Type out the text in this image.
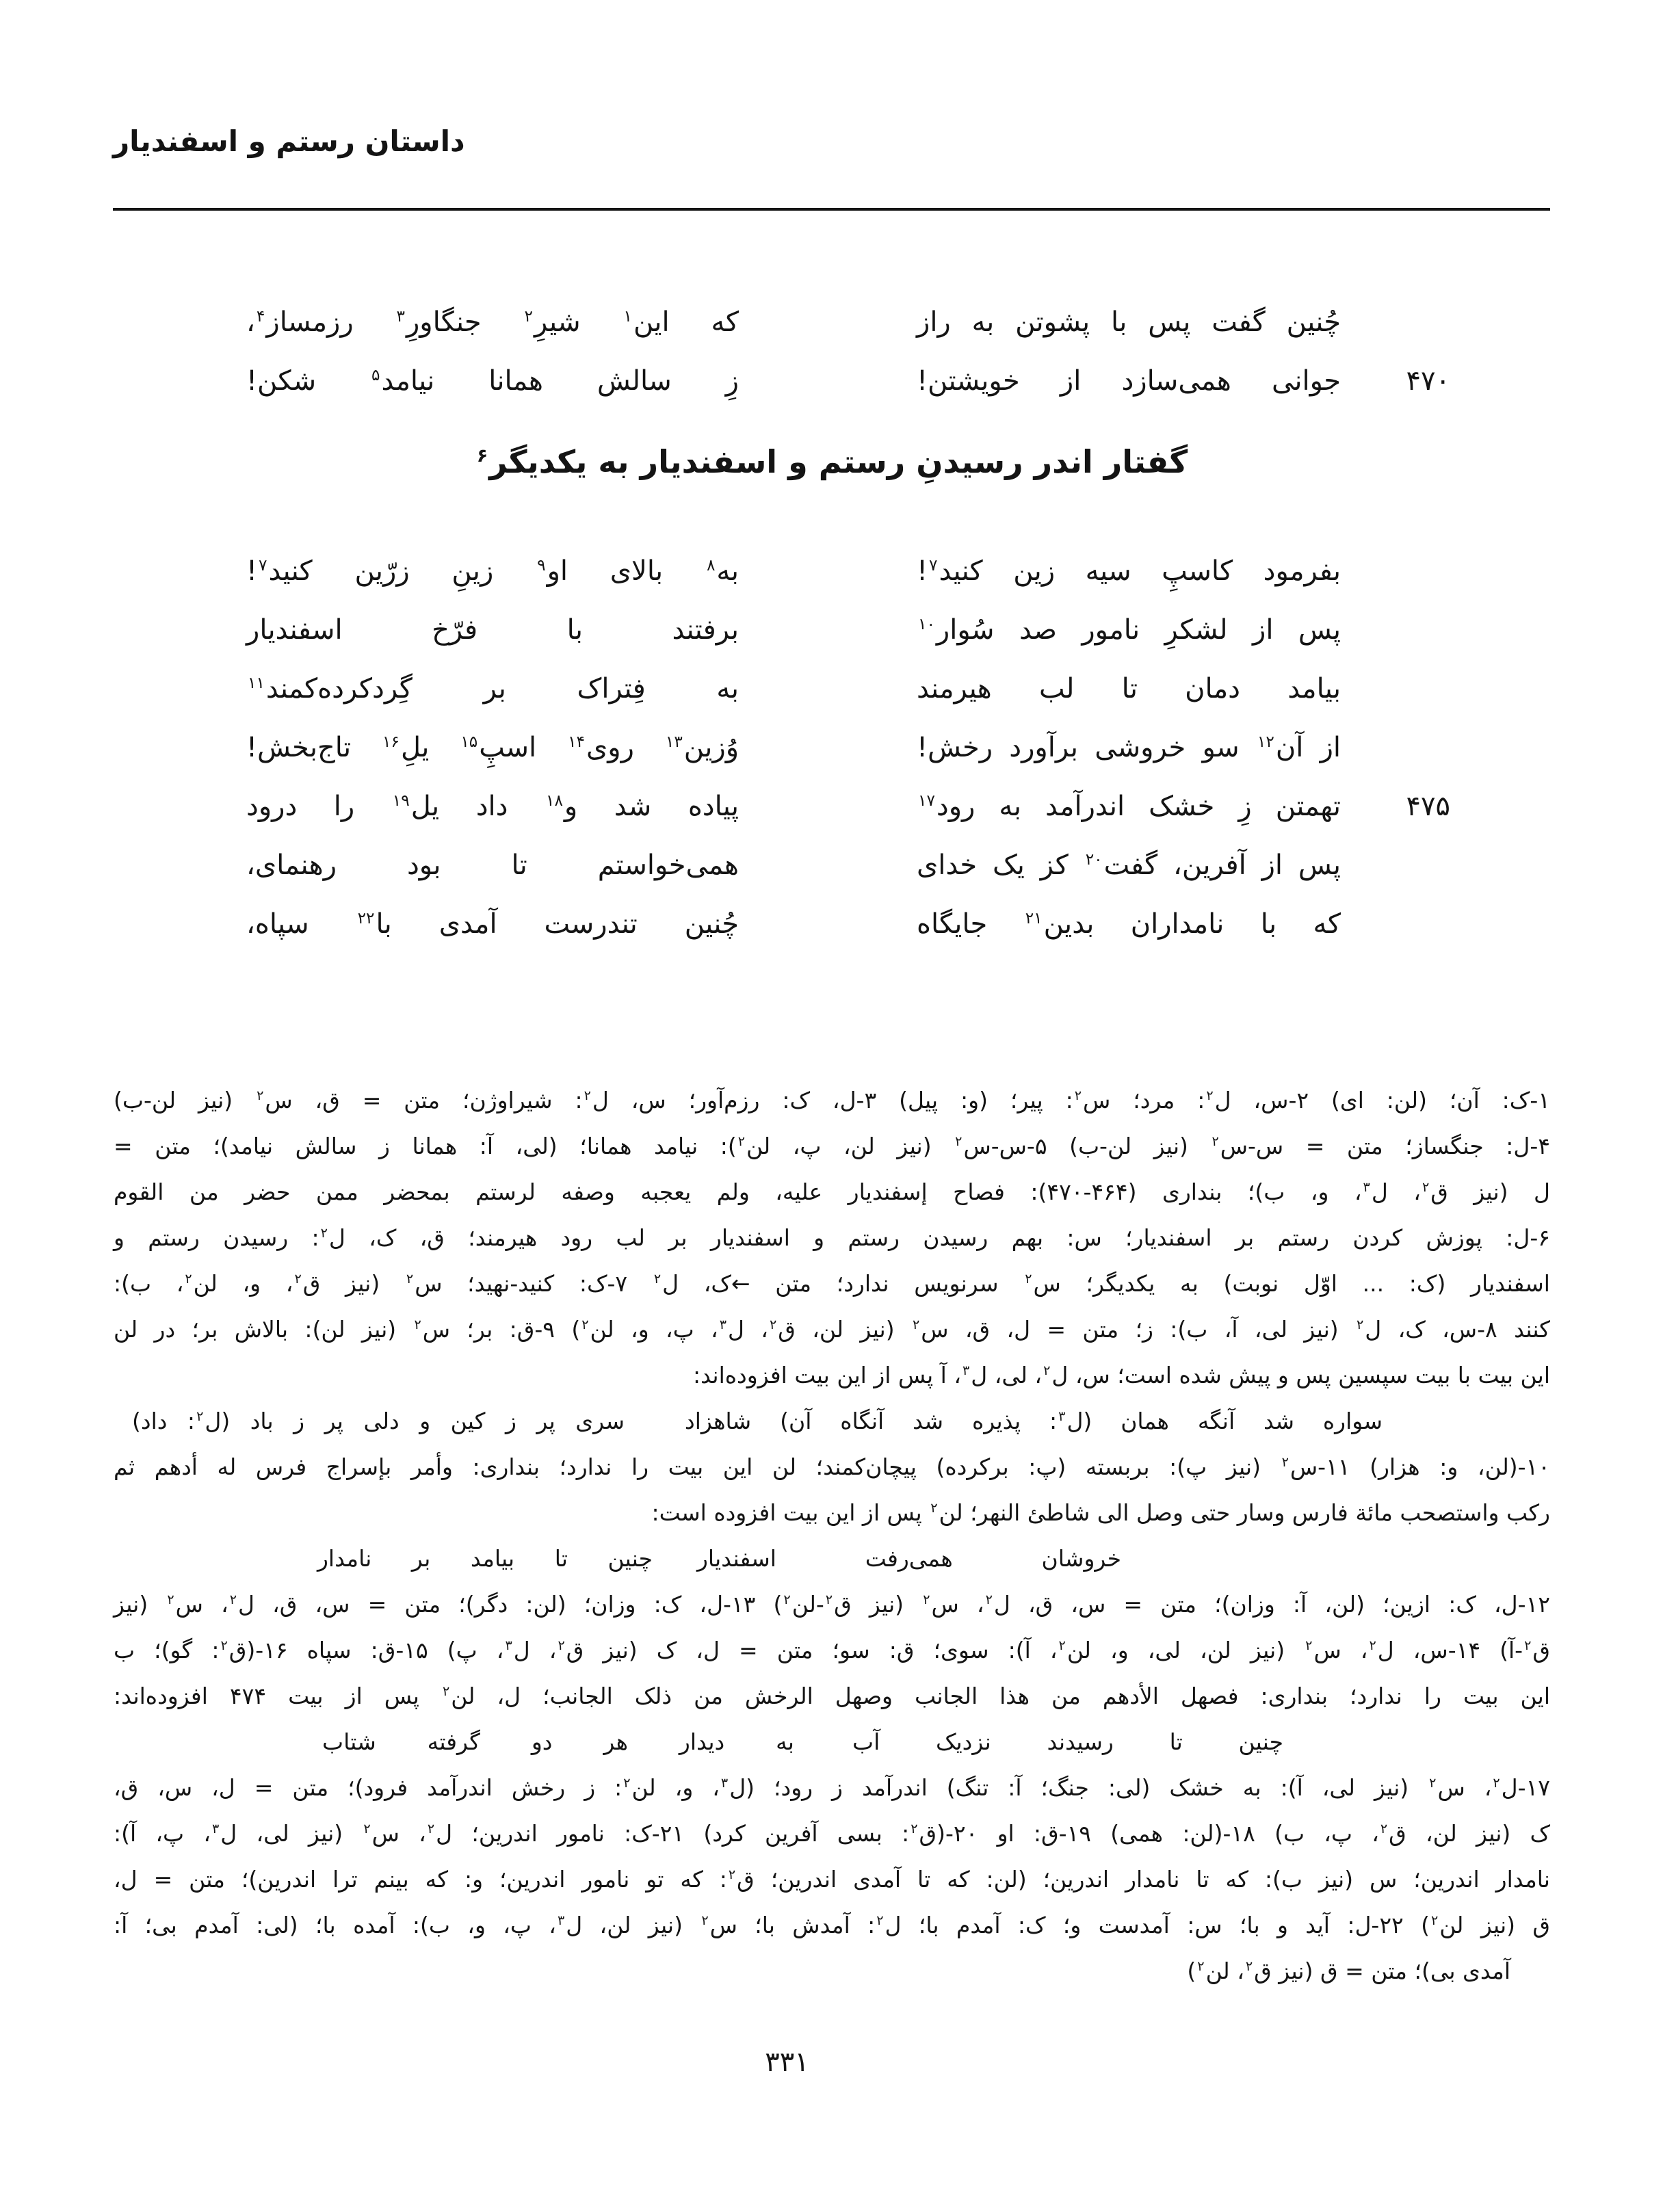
داستان رستم و اسفندیار
چُنین گفت پس با پشوتن به راز
که این$^۱$ شیرِ$^۲$ جنگاورِ$^۳$ رزمساز$^۴$،
۴۷۰
جوانی همی‌سازد از خویشتن!
زِ سالش همانا نیامد$^۵$ شکن!
گفتار اندر رسیدنِ رستم و اسفندیار به یکدیگر$^۶$
بفرمود کاسپِ سیه زین کنید$^۷$!
به$^۸$ بالای او$^۹$ زینِ زرّین کنید$^۷$!
پس از لشکرِ نامور صد سُوار$^{۱۰}$
برفتند با فرّخ اسفندیار
بیامد دمان تا لب هیرمند
به فِتراک بر گِردکرده‌کمند$^{۱۱}$
از آن$^{۱۲}$ سو خروشی برآورد رخش!
وُزین$^{۱۳}$ روی$^{۱۴}$ اسپِ$^{۱۵}$ یلِ$^{۱۶}$ تاج‌بخش!
۴۷۵
تهمتن زِ خشک اندرآمد به رود$^{۱۷}$
پیاده شد و$^{۱۸}$ داد یل$^{۱۹}$ را درود
پس از آفرین، گفت$^{۲۰}$ کز یک خدای
همی‌خواستم تا بود رهنمای،
که با نامداران بدین$^{۲۱}$ جایگاه
چُنین تندرست آمدی با$^{۲۲}$ سپاه،
۱-ک: آن؛ (لن: ای) ۲-س، ل$^۲$: مرد؛ س$^۲$: پیر؛ (و: پیل) ۳-ل، ک: رزم‌آور؛ س، ل$^۲$: شیراوژن؛ متن = ق، س$^۲$ (نیز لن-ب)
۴-ل: جنگساز؛ متن = س-س$^۲$ (نیز لن-ب) ۵-س-س$^۲$ (نیز لن، پ، لن$^۲$): نیامد همانا؛ (لی، آ: همانا ز سالش نیامد)؛ متن =
ل (نیز ق$^۲$، ل$^۳$، و، ب)؛ بنداری (۴۶۴-۴۷۰): فصاح إسفندیار علیه، ولم یعجبه وصفه لرستم بمحضر ممن حضر من القوم
۶-ل: پوزش کردن رستم بر اسفندیار؛ س: بهم رسیدن رستم و اسفندیار بر لب رود هیرمند؛ ق، ک، ل$^۲$: رسیدن رستم و
اسفندیار (ک: ... اوّل نوبت) به یکدیگر؛ س$^۲$ سرنویس ندارد؛ متن ←ک، ل$^۲$ ۷-ک: کنید-نهید؛ س$^۲$ (نیز ق$^۲$، و، لن$^۲$، ب):
کنند ۸-س، ک، ل$^۲$ (نیز لی، آ، ب): ز؛ متن = ل، ق، س$^۲$ (نیز لن، ق$^۲$، ل$^۳$، پ، و، لن$^۲$) ۹-ق: بر؛ س$^۲$ (نیز لن): بالاش بر؛ در لن
این بیت با بیت سپسین پس و پیش شده است؛ س، ل$^۲$، لی، ل$^۳$، آ پس از این بیت افزوده‌اند:
سواره شد آنگه همان (ل$^۳$: پذیره شد آنگاه آن) شاهزاد
سری پر ز کین و دلی پر ز باد (ل$^۲$: داد)
۱۰-(لن، و: هزار) ۱۱-س$^۲$ (نیز پ): بربسته (پ: برکرده) پیچان‌کمند؛ لن این بیت را ندارد؛ بنداری: وأمر بإسراج فرس له أدهم ثم
رکب واستصحب مائة فارس وسار حتی وصل الی شاطئ النهر؛ لن$^۲$ پس از این بیت افزوده است:
خروشان همی‌رفت اسفندیار
چنین تا بیامد بر نامدار
۱۲-ل، ک: ازین؛ (لن، آ: وزان)؛ متن = س، ق، ل$^۲$، س$^۲$ (نیز ق$^۲$-لن$^۲$) ۱۳-ل، ک: وزان؛ (لن: دگر)؛ متن = س، ق، ل$^۲$، س$^۲$ (نیز
ق$^۲$-آ) ۱۴-س، ل$^۲$، س$^۲$ (نیز لن، لی، و، لن$^۲$، آ): سوی؛ ق: سو؛ متن = ل، ک (نیز ق$^۲$، ل$^۳$، پ) ۱۵-ق: سپاه ۱۶-(ق$^۲$: گو)؛ ب
این بیت را ندارد؛ بنداری: فصهل الأدهم من هذا الجانب وصهل الرخش من ذلک الجانب؛ ل، لن$^۲$ پس از بیت ۴۷۴ افزوده‌اند:
چنین تا رسیدند نزدیک آب
به دیدار هر دو گرفته شتاب
۱۷-ل$^۲$، س$^۲$ (نیز لی، آ): به خشک (لی: جنگ؛ آ: تنگ) اندرآمد ز رود؛ (ل$^۳$، و، لن$^۲$: ز رخش اندرآمد فرود)؛ متن = ل، س، ق،
ک (نیز لن، ق$^۲$، پ، ب) ۱۸-(لن: همی) ۱۹-ق: او ۲۰-(ق$^۲$: بسی آفرین کرد) ۲۱-ک: نامور اندرین؛ ل$^۲$، س$^۲$ (نیز لی، ل$^۳$، پ، آ):
نامدار اندرین؛ س (نیز ب): که تا نامدار اندرین؛ (لن: که تا آمدی اندرین؛ ق$^۲$: که تو نامور اندرین؛ و: که بینم ترا اندرین)؛ متن = ل،
ق (نیز لن$^۲$) ۲۲-ل: آید و با؛ س: آمدست و؛ ک: آمدم با؛ ل$^۲$: آمدش با؛ س$^۲$ (نیز لن، ل$^۳$، پ، و، ب): آمده با؛ (لی: آمدم بی؛ آ:
آمدی بی)؛ متن = ق (نیز ق$^۲$، لن$^۲$)
۳۳۱
